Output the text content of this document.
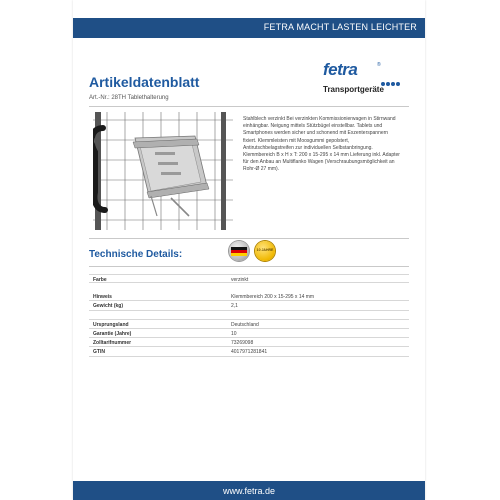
FETRA MACHT LASTEN LEICHTER
Artikeldatenblatt
Art.-Nr.: 28TH Tablethalterung
fetra	®
Transportgeräte
Stahlblech verzinkt Bei verzinkten Kommissionierwagen in Stirnwand einhängbar. Neigung mittels Stützbügel einstellbar. Tablets und Smartphones werden sicher und schonend mit Exzenterspannern fixiert. Klemmleisten mit Moosgummi gepolstert, Antirutschbelagstreifen zur individuellen Selbstanbringung. Klemmbereich B x H x T: 200 x 15-295 x 14 mm Lieferung inkl. Adapter für den Anbau an Multiflanko Wagen (Verschraubungsmöglichkeit an Rohr-Ø 27 mm).
Technische Details:	10 JAHRE
Farbe	verzinkt
Hinweis	Klemmbereich 200 x 15-295 x 14 mm
Gewicht (kg)	2,1
Ursprungsland	Deutschland
Garantie (Jahre)	10
Zolltarifnummer	73269098
GTIN	4017971281841
www.fetra.de
